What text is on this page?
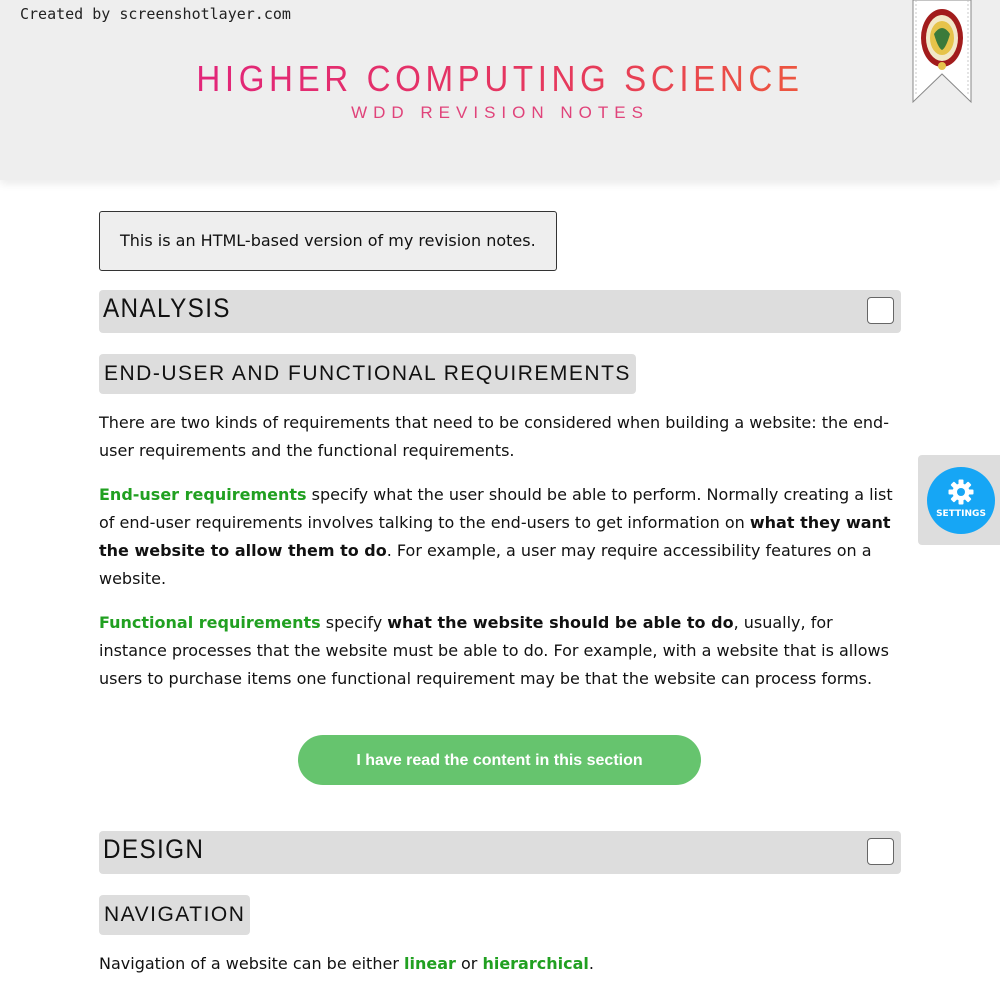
Created by screenshotlayer.com
HIGHER COMPUTING SCIENCE
WDD REVISION NOTES
This is an HTML-based version of my revision notes.
ANALYSIS
END-USER AND FUNCTIONAL REQUIREMENTS

There are two kinds of requirements that need to be considered when building a website: the end-user requirements and the functional requirements.

End-user requirements specify what the user should be able to perform. Normally creating a list of end-user requirements involves talking to the end-users to get information on what they want the website to allow them to do. For example, a user may require accessibility features on a website.

Functional requirements specify what the website should be able to do, usually, for instance processes that the website must be able to do. For example, with a website that is allows users to purchase items one functional requirement may be that the website can process forms.

I have read the content in this section
DESIGN
NAVIGATION

Navigation of a website can be either linear or hierarchical.

SETTINGS
